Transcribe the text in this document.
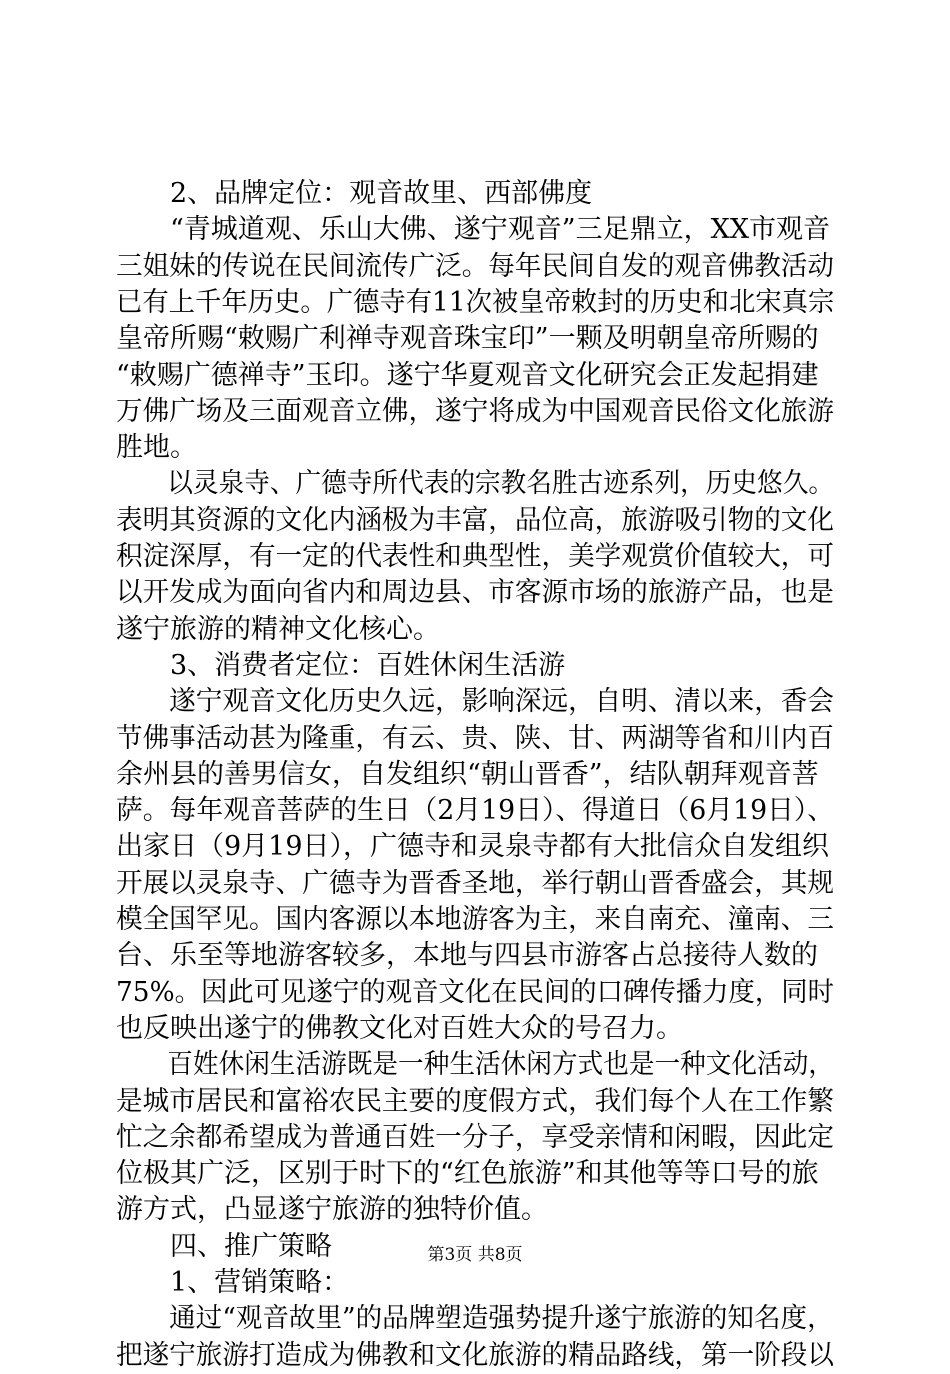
　　2、品牌定位：观音故里、西部佛度
　　“青城道观、乐山大佛、遂宁观音”三足鼎立，XX市观音
三姐妹的传说在民间流传广泛。每年民间自发的观音佛教活动
已有上千年历史。广德寺有11次被皇帝敕封的历史和北宋真宗
皇帝所赐“敕赐广利禅寺观音珠宝印”一颗及明朝皇帝所赐的
“敕赐广德禅寺”玉印。遂宁华夏观音文化研究会正发起捐建
万佛广场及三面观音立佛，遂宁将成为中国观音民俗文化旅游
胜地。
　　以灵泉寺、广德寺所代表的宗教名胜古迹系列，历史悠久。
表明其资源的文化内涵极为丰富，品位高，旅游吸引物的文化
积淀深厚，有一定的代表性和典型性，美学观赏价值较大，可
以开发成为面向省内和周边县、市客源市场的旅游产品，也是
遂宁旅游的精神文化核心。
　　3、消费者定位：百姓休闲生活游
　　遂宁观音文化历史久远，影响深远，自明、清以来，香会
节佛事活动甚为隆重，有云、贵、陕、甘、两湖等省和川内百
余州县的善男信女，自发组织“朝山晋香”，结队朝拜观音菩
萨。每年观音菩萨的生日（2月19日）、得道日（6月19日）、
出家日（9月19日），广德寺和灵泉寺都有大批信众自发组织
开展以灵泉寺、广德寺为晋香圣地，举行朝山晋香盛会，其规
模全国罕见。国内客源以本地游客为主，来自南充、潼南、三
台、乐至等地游客较多，本地与四县市游客占总接待人数的
75%。因此可见遂宁的观音文化在民间的口碑传播力度，同时
也反映出遂宁的佛教文化对百姓大众的号召力。
　　百姓休闲生活游既是一种生活休闲方式也是一种文化活动，
是城市居民和富裕农民主要的度假方式，我们每个人在工作繁
忙之余都希望成为普通百姓一分子，享受亲情和闲暇，因此定
位极其广泛，区别于时下的“红色旅游”和其他等等口号的旅
游方式，凸显遂宁旅游的独特价值。
　　四、推广策略
　　1、营销策略：
　　通过“观音故里”的品牌塑造强势提升遂宁旅游的知名度，
把遂宁旅游打造成为佛教和文化旅游的精品路线，第一阶段以
第3页 共8页
